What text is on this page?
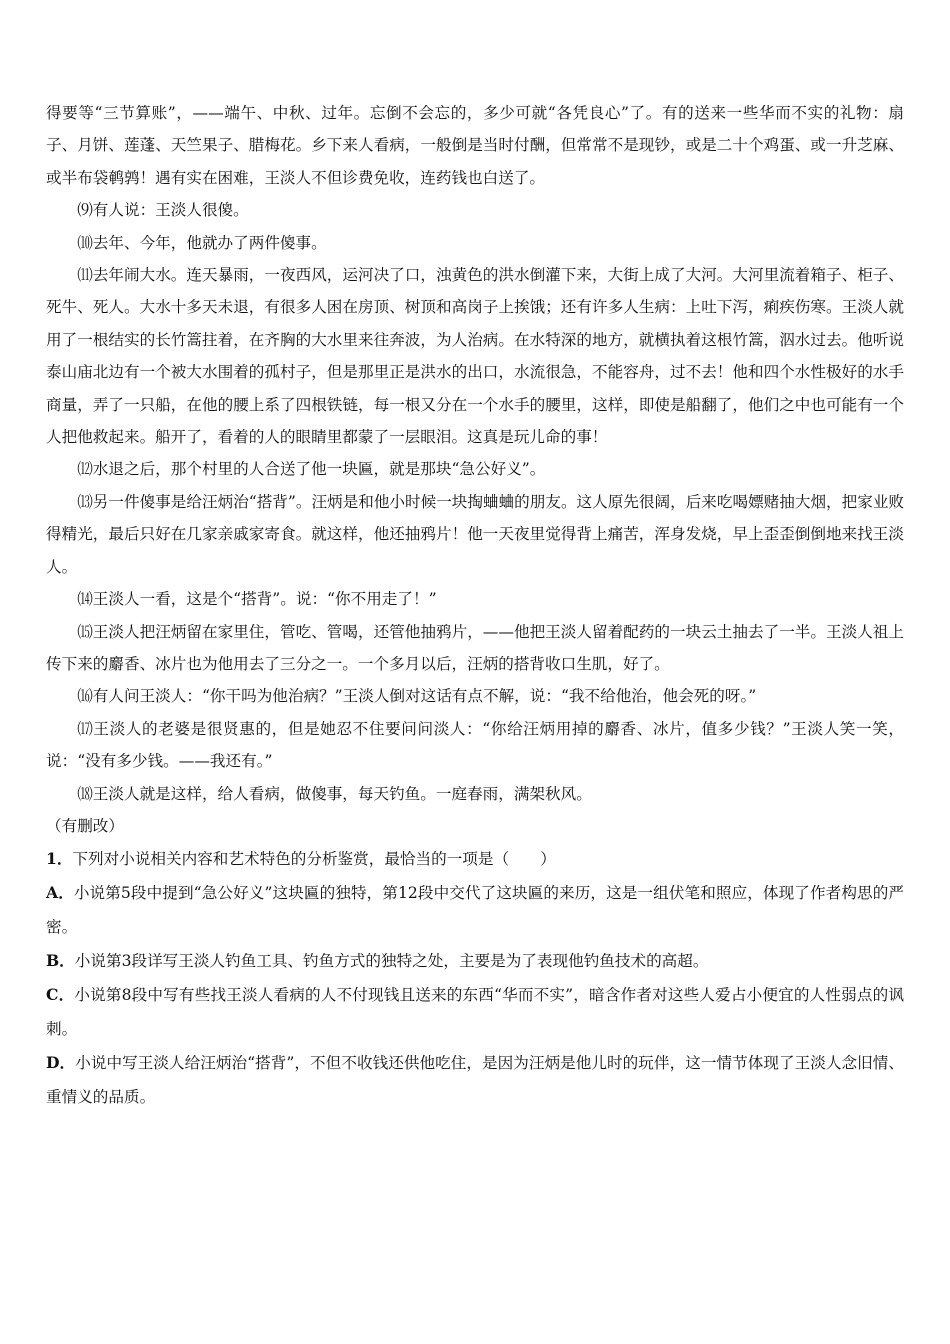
得要等“三节算账”，——端午、中秋、过年。忘倒不会忘的，多少可就“各凭良心”了。有的送来一些华而不实的礼物：扇子、月饼、莲蓬、天竺果子、腊梅花。乡下来人看病，一般倒是当时付酬，但常常不是现钞，或是二十个鸡蛋、或一升芝麻、或半布袋鹌鹑！遇有实在困难，王淡人不但诊费免收，连药钱也白送了。

⑼有人说：王淡人很傻。

⑽去年、今年，他就办了两件傻事。

⑾去年闹大水。连天暴雨，一夜西风，运河决了口，浊黄色的洪水倒灌下来，大街上成了大河。大河里流着箱子、柜子、死牛、死人。大水十多天未退，有很多人困在房顶、树顶和高岗子上挨饿；还有许多人生病：上吐下泻，痢疾伤寒。王淡人就用了一根结实的长竹篙拄着，在齐胸的大水里来往奔波，为人治病。在水特深的地方，就横执着这根竹篙，泅水过去。他听说泰山庙北边有一个被大水围着的孤村子，但是那里正是洪水的出口，水流很急，不能容舟，过不去！他和四个水性极好的水手商量，弄了一只船，在他的腰上系了四根铁链，每一根又分在一个水手的腰里，这样，即使是船翻了，他们之中也可能有一个人把他救起来。船开了，看着的人的眼睛里都蒙了一层眼泪。这真是玩儿命的事！

⑿水退之后，那个村里的人合送了他一块匾，就是那块“急公好义”。

⒀另一件傻事是给汪炳治“搭背”。汪炳是和他小时候一块掏蛐蛐的朋友。这人原先很阔，后来吃喝嫖赌抽大烟，把家业败得精光，最后只好在几家亲戚家寄食。就这样，他还抽鸦片！他一天夜里觉得背上痛苦，浑身发烧，早上歪歪倒倒地来找王淡人。

⒁王淡人一看，这是个“搭背”。说：“你不用走了！”

⒂王淡人把汪炳留在家里住，管吃、管喝，还管他抽鸦片，——他把王淡人留着配药的一块云土抽去了一半。王淡人祖上传下来的麝香、冰片也为他用去了三分之一。一个多月以后，汪炳的搭背收口生肌，好了。

⒃有人问王淡人：“你干吗为他治病？”王淡人倒对这话有点不解，说：“我不给他治，他会死的呀。”

⒄王淡人的老婆是很贤惠的，但是她忍不住要问问淡人：“你给汪炳用掉的麝香、冰片，值多少钱？”王淡人笑一笑，说：“没有多少钱。——我还有。”

⒅王淡人就是这样，给人看病，做傻事，每天钓鱼。一庭春雨，满架秋风。

（有删改）

1．下列对小说相关内容和艺术特色的分析鉴赏，最恰当的一项是（　　）

A．小说第5段中提到“急公好义”这块匾的独特，第12段中交代了这块匾的来历，这是一组伏笔和照应，体现了作者构思的严密。

B．小说第3段详写王淡人钓鱼工具、钓鱼方式的独特之处，主要是为了表现他钓鱼技术的高超。

C．小说第8段中写有些找王淡人看病的人不付现钱且送来的东西“华而不实”，暗含作者对这些人爱占小便宜的人性弱点的讽刺。

D．小说中写王淡人给汪炳治“搭背”，不但不收钱还供他吃住，是因为汪炳是他儿时的玩伴，这一情节体现了王淡人念旧情、重情义的品质。
